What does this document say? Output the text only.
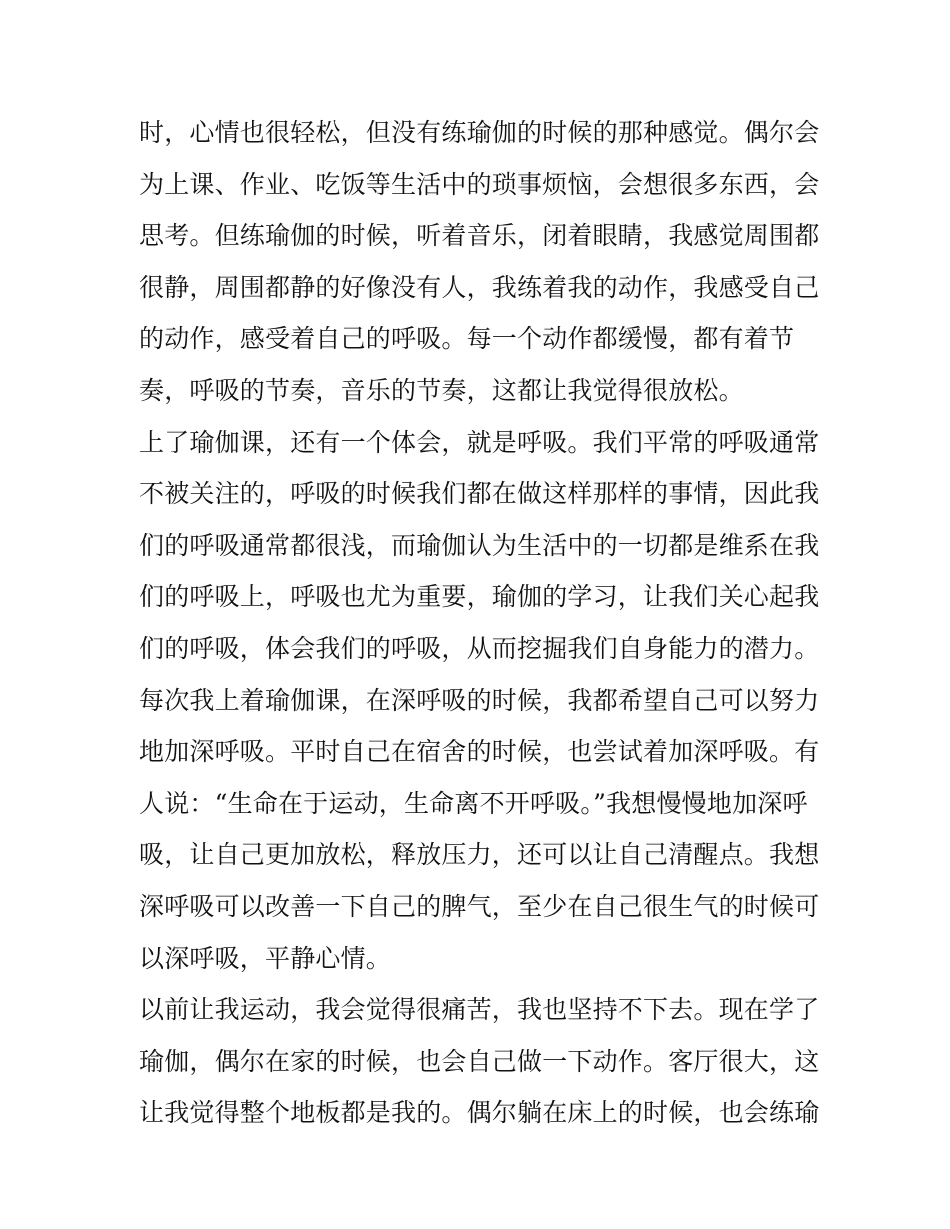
时，心情也很轻松，但没有练瑜伽的时候的那种感觉。偶尔会
为上课、作业、吃饭等生活中的琐事烦恼，会想很多东西，会
思考。但练瑜伽的时候，听着音乐，闭着眼睛，我感觉周围都
很静，周围都静的好像没有人，我练着我的动作，我感受自己
的动作，感受着自己的呼吸。每一个动作都缓慢，都有着节
奏，呼吸的节奏，音乐的节奏，这都让我觉得很放松。
上了瑜伽课，还有一个体会，就是呼吸。我们平常的呼吸通常
不被关注的，呼吸的时候我们都在做这样那样的事情，因此我
们的呼吸通常都很浅，而瑜伽认为生活中的一切都是维系在我
们的呼吸上，呼吸也尤为重要，瑜伽的学习，让我们关心起我
们的呼吸，体会我们的呼吸，从而挖掘我们自身能力的潜力。
每次我上着瑜伽课，在深呼吸的时候，我都希望自己可以努力
地加深呼吸。平时自己在宿舍的时候，也尝试着加深呼吸。有
人说：“生命在于运动，生命离不开呼吸。”我想慢慢地加深呼
吸，让自己更加放松，释放压力，还可以让自己清醒点。我想
深呼吸可以改善一下自己的脾气，至少在自己很生气的时候可
以深呼吸，平静心情。
以前让我运动，我会觉得很痛苦，我也坚持不下去。现在学了
瑜伽，偶尔在家的时候，也会自己做一下动作。客厅很大，这
让我觉得整个地板都是我的。偶尔躺在床上的时候，也会练瑜
